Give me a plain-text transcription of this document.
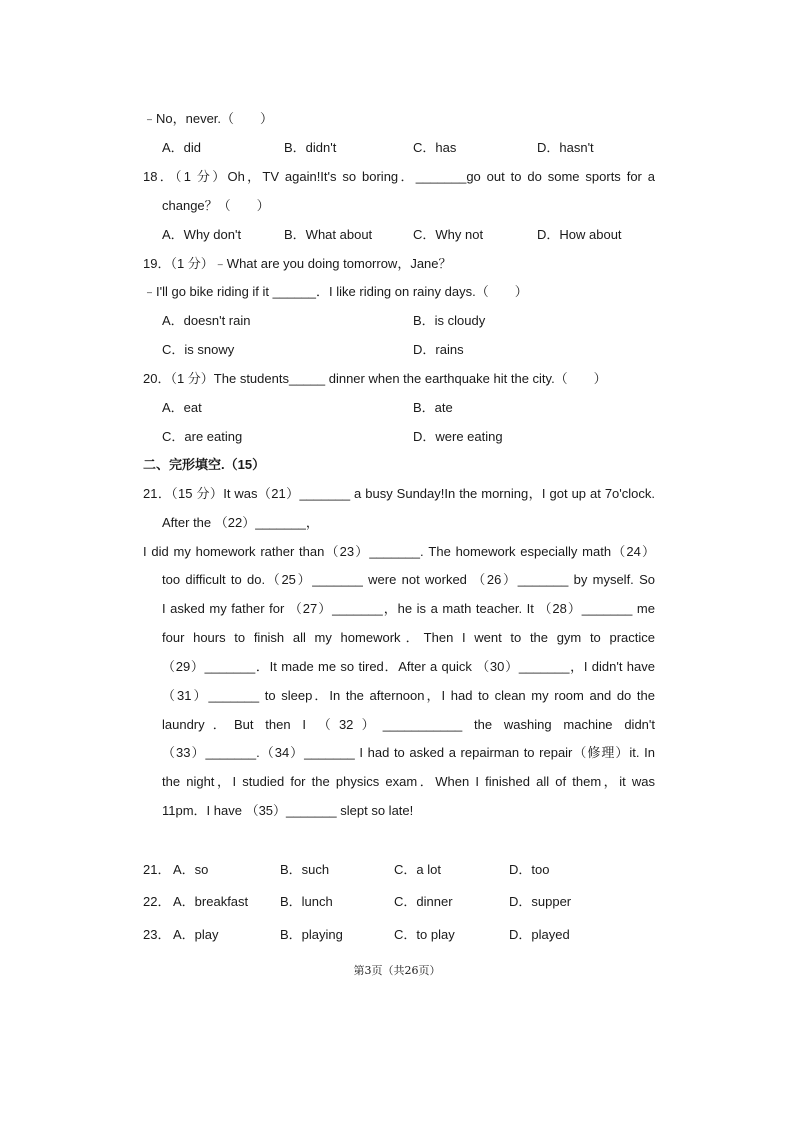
﹣No，never.（　　）
A．did	B．didn't	C．has	D．hasn't
18．（1 分）Oh，TV again!It's so boring．_______go out to do some sports for a
change？（　　）
A．Why don't	B．What about	C．Why not	D．How about
19．（1 分）﹣What are you doing tomorrow，Jane？
﹣I'll go bike riding if it ______．I like riding on rainy days.（　　）
A．doesn't rain	B．is cloudy
C．is snowy	D．rains
20．（1 分）The students_____ dinner when the earthquake hit the city.（　　）
A．eat	B．ate
C．are eating	D．were eating
二、完形填空.（15）
21．（15 分）It was（21）_______ a busy Sunday!In the morning，I got up at 7o'clock.
After the （22）_______，
I did my homework rather than（23）_______. The homework especially math（24）
too difficult to do.（25）_______ were not worked （26）_______ by myself. So
I asked my father for （27）_______，he is a math teacher. It （28）_______ me
four hours to finish all my homework．Then I went to the gym to practice
（29）_______．It made me so tired．After a quick （30）_______，I didn't have
（31）_______ to sleep．In the afternoon，I had to clean my room and do the
laundry．But then I （32）___________ the washing machine didn't
（33）_______.（34）_______ I had to asked a repairman to repair（修理）it. In
the night，I studied for the physics exam．When I finished all of them，it was
11pm．I have （35）_______ slept so late!
21． A．so	B．such	C．a lot	D．too
22． A．breakfast B．lunch	C．dinner	D．supper
23． A．play	B．playing	C．to play	D．played
第3页（共26页）
